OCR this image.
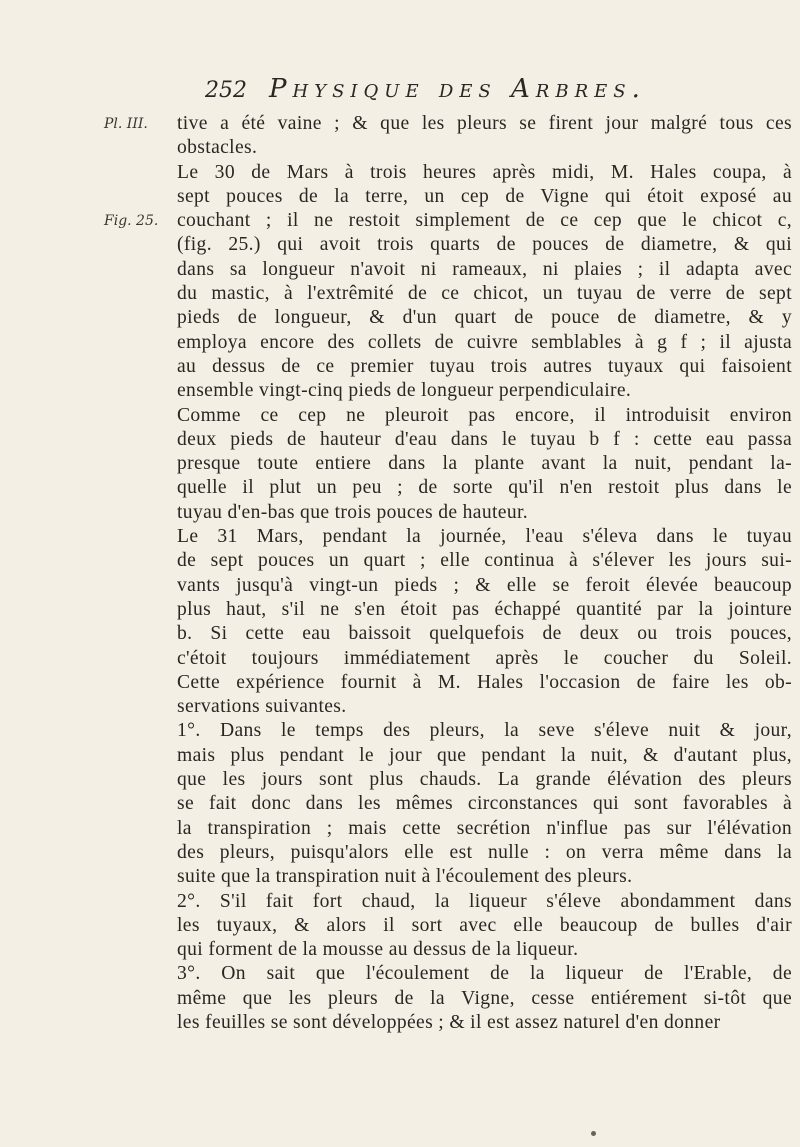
252 Physique des Arbres.
Pl. III.
Fig. 25.
tive a été vaine ; & que les pleurs se firent jour malgré tous ces
obstacles.
Le 30 de Mars à trois heures après midi, M. Hales coupa, à
sept pouces de la terre, un cep de Vigne qui étoit exposé au
couchant ; il ne restoit simplement de ce cep que le chicot c,
(fig. 25.) qui avoit trois quarts de pouces de diametre, & qui
dans sa longueur n'avoit ni rameaux, ni plaies ; il adapta avec
du mastic, à l'extrêmité de ce chicot, un tuyau de verre de sept
pieds de longueur, & d'un quart de pouce de diametre, & y
employa encore des collets de cuivre semblables à g f ; il ajusta
au dessus de ce premier tuyau trois autres tuyaux qui faisoient
ensemble vingt-cinq pieds de longueur perpendiculaire.
Comme ce cep ne pleuroit pas encore, il introduisit environ
deux pieds de hauteur d'eau dans le tuyau b f : cette eau passa
presque toute entiere dans la plante avant la nuit, pendant la-
quelle il plut un peu ; de sorte qu'il n'en restoit plus dans le
tuyau d'en-bas que trois pouces de hauteur.
Le 31 Mars, pendant la journée, l'eau s'éleva dans le tuyau
de sept pouces un quart ; elle continua à s'élever les jours sui-
vants jusqu'à vingt-un pieds ; & elle se feroit élevée beaucoup
plus haut, s'il ne s'en étoit pas échappé quantité par la jointure
b. Si cette eau baissoit quelquefois de deux ou trois pouces,
c'étoit toujours immédiatement après le coucher du Soleil.
Cette expérience fournit à M. Hales l'occasion de faire les ob-
servations suivantes.
1°. Dans le temps des pleurs, la seve s'éleve nuit & jour,
mais plus pendant le jour que pendant la nuit, & d'autant plus,
que les jours sont plus chauds. La grande élévation des pleurs
se fait donc dans les mêmes circonstances qui sont favorables à
la transpiration ; mais cette secrétion n'influe pas sur l'élévation
des pleurs, puisqu'alors elle est nulle : on verra même dans la
suite que la transpiration nuit à l'écoulement des pleurs.
2°. S'il fait fort chaud, la liqueur s'éleve abondamment dans
les tuyaux, & alors il sort avec elle beaucoup de bulles d'air
qui forment de la mousse au dessus de la liqueur.
3°. On sait que l'écoulement de la liqueur de l'Erable, de
même que les pleurs de la Vigne, cesse entiérement si-tôt que
les feuilles se sont développées ; & il est assez naturel d'en donner
